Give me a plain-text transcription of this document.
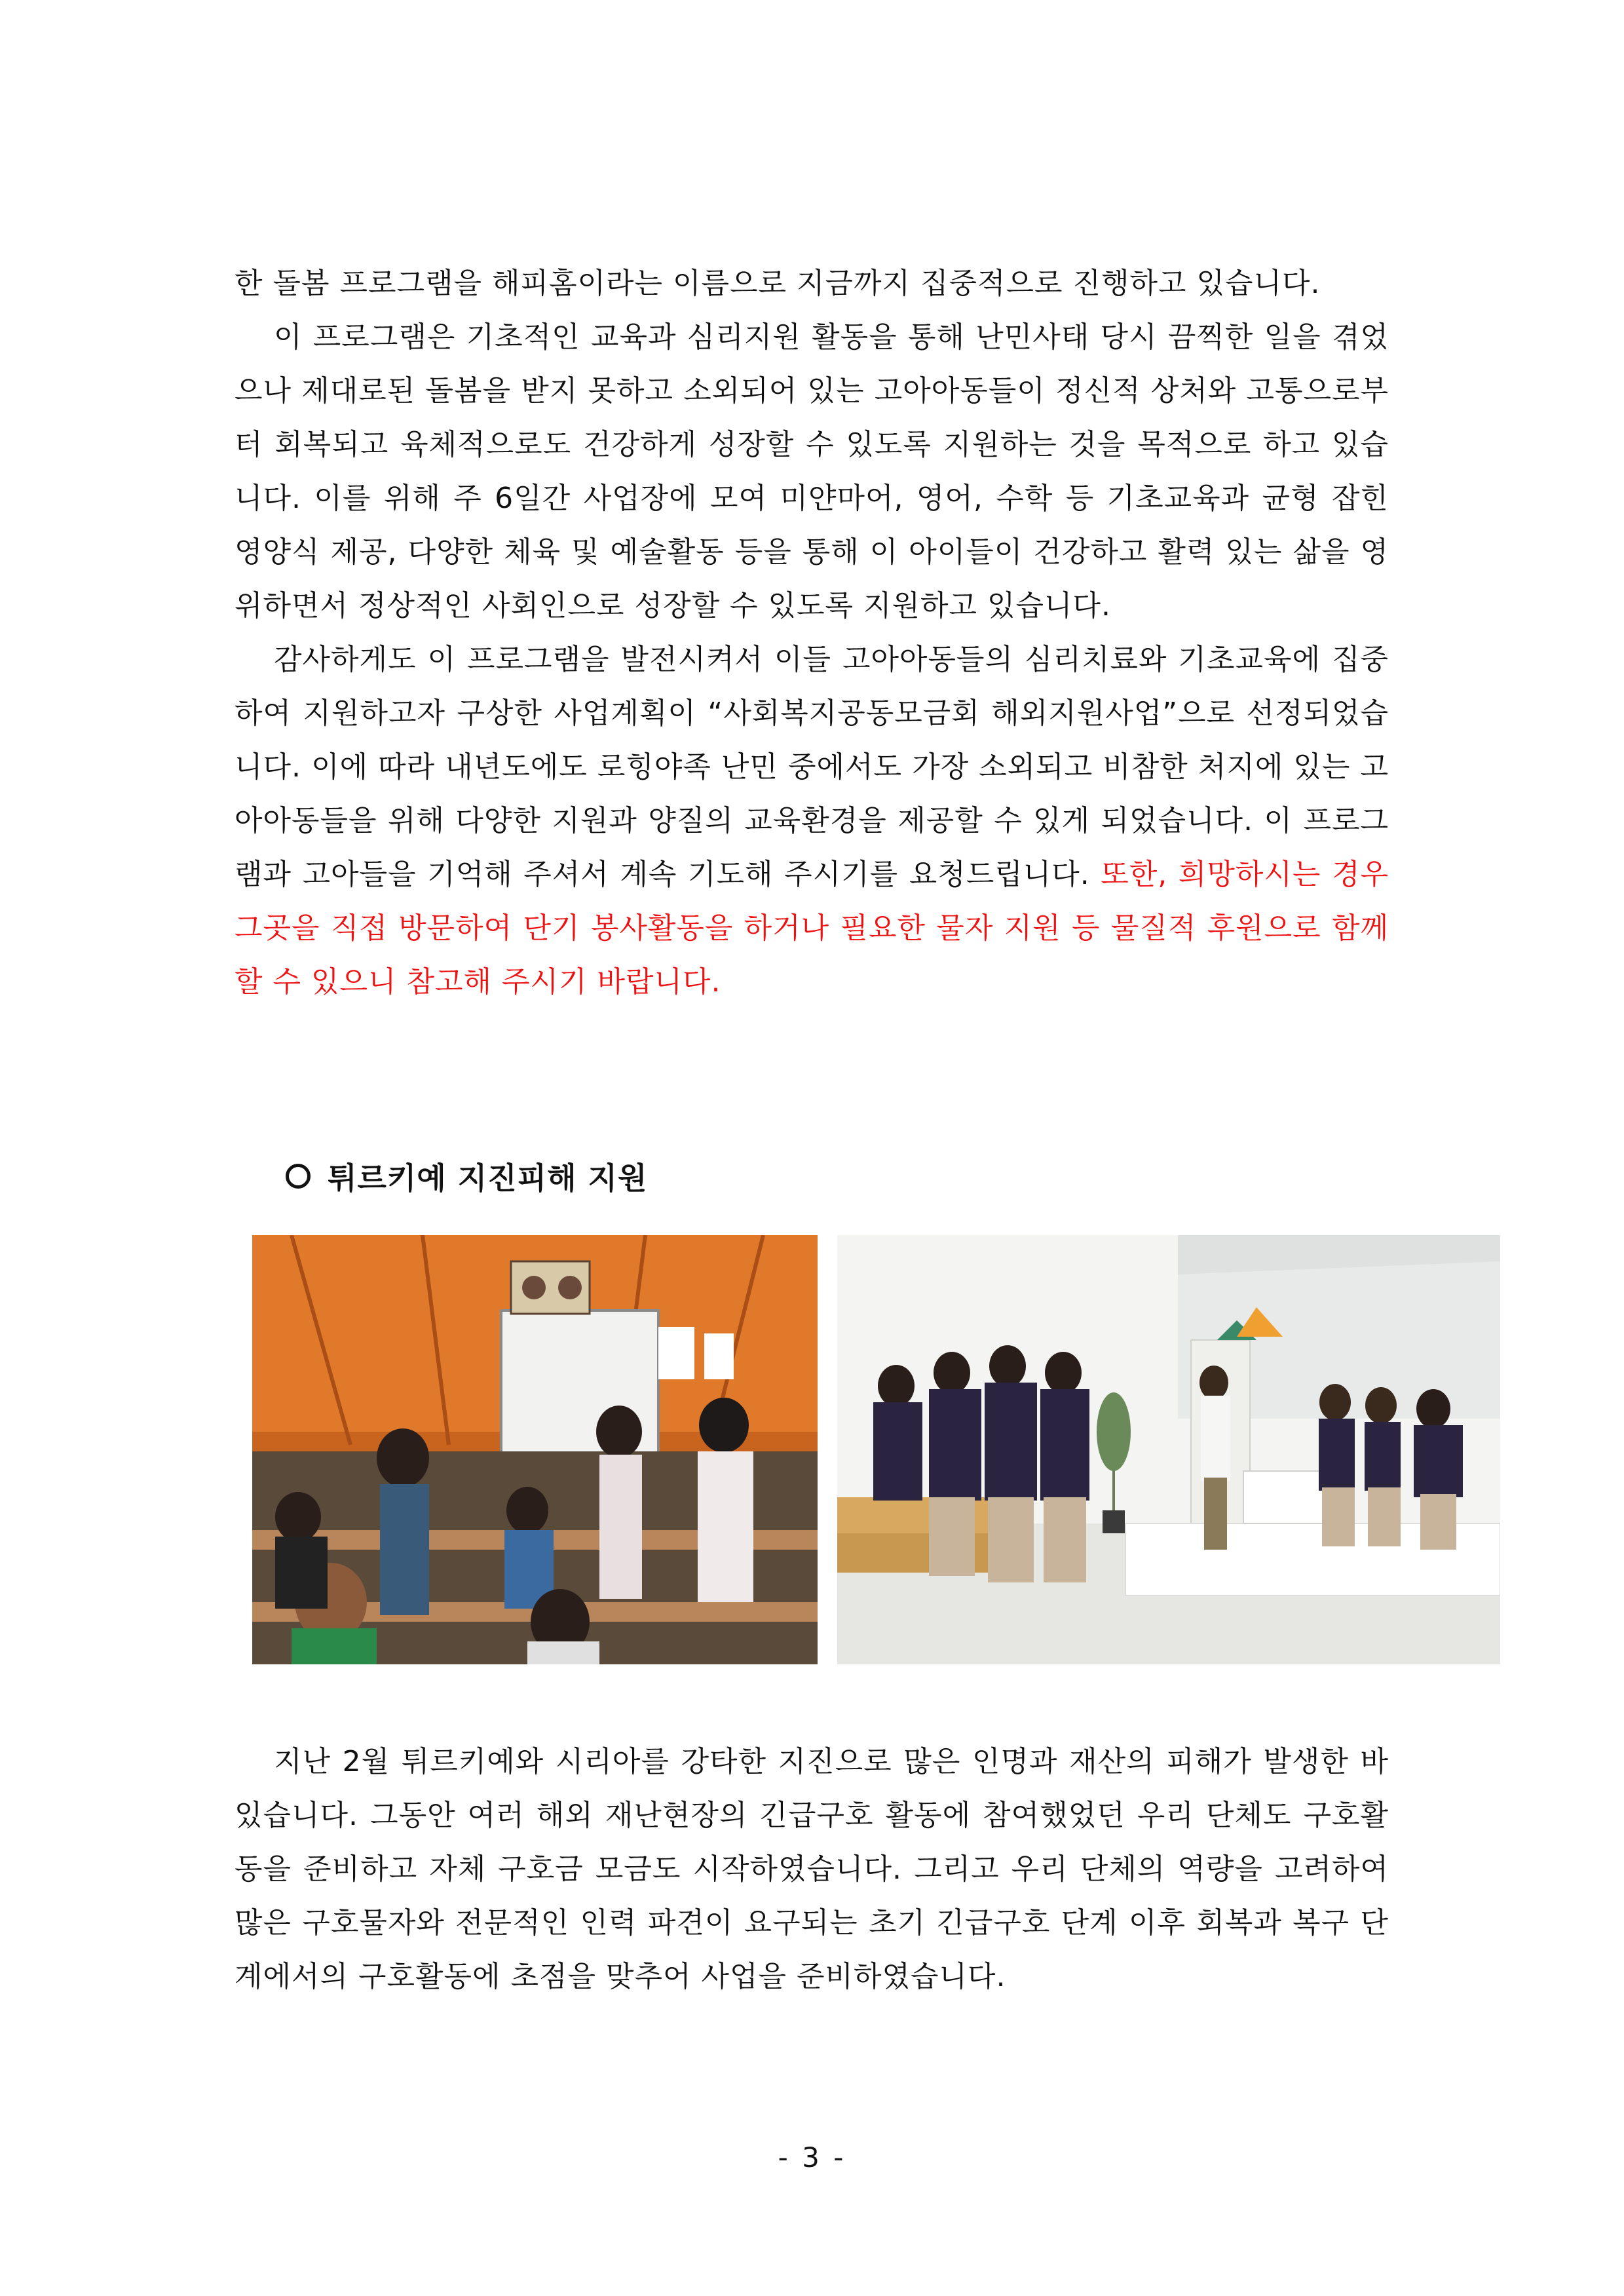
한 돌봄 프로그램을 해피홈이라는 이름으로 지금까지 집중적으로 진행하고 있습니다.

이 프로그램은 기초적인 교육과 심리지원 활동을 통해 난민사태 당시 끔찍한 일을 겪었으나 제대로된 돌봄을 받지 못하고 소외되어 있는 고아아동들이 정신적 상처와 고통으로부터 회복되고 육체적으로도 건강하게 성장할 수 있도록 지원하는 것을 목적으로 하고 있습니다. 이를 위해 주 6일간 사업장에 모여 미얀마어, 영어, 수학 등 기초교육과 균형 잡힌 영양식 제공, 다양한 체육 및 예술활동 등을 통해 이 아이들이 건강하고 활력 있는 삶을 영위하면서 정상적인 사회인으로 성장할 수 있도록 지원하고 있습니다.

감사하게도 이 프로그램을 발전시켜서 이들 고아아동들의 심리치료와 기초교육에 집중하여 지원하고자 구상한 사업계획이 “사회복지공동모금회 해외지원사업”으로 선정되었습니다. 이에 따라 내년도에도 로힝야족 난민 중에서도 가장 소외되고 비참한 처지에 있는 고아아동들을 위해 다양한 지원과 양질의 교육환경을 제공할 수 있게 되었습니다. 이 프로그램과 고아들을 기억해 주셔서 계속 기도해 주시기를 요청드립니다. 또한, 희망하시는 경우 그곳을 직접 방문하여 단기 봉사활동을 하거나 필요한 물자 지원 등 물질적 후원으로 함께 할 수 있으니 참고해 주시기 바랍니다.

튀르키예 지진피해 지원

지난 2월 튀르키예와 시리아를 강타한 지진으로 많은 인명과 재산의 피해가 발생한 바 있습니다. 그동안 여러 해외 재난현장의 긴급구호 활동에 참여했었던 우리 단체도 구호활동을 준비하고 자체 구호금 모금도 시작하였습니다. 그리고 우리 단체의 역량을 고려하여 많은 구호물자와 전문적인 인력 파견이 요구되는 초기 긴급구호 단계 이후 회복과 복구 단계에서의 구호활동에 초점을 맞추어 사업을 준비하였습니다.

- 3 -
